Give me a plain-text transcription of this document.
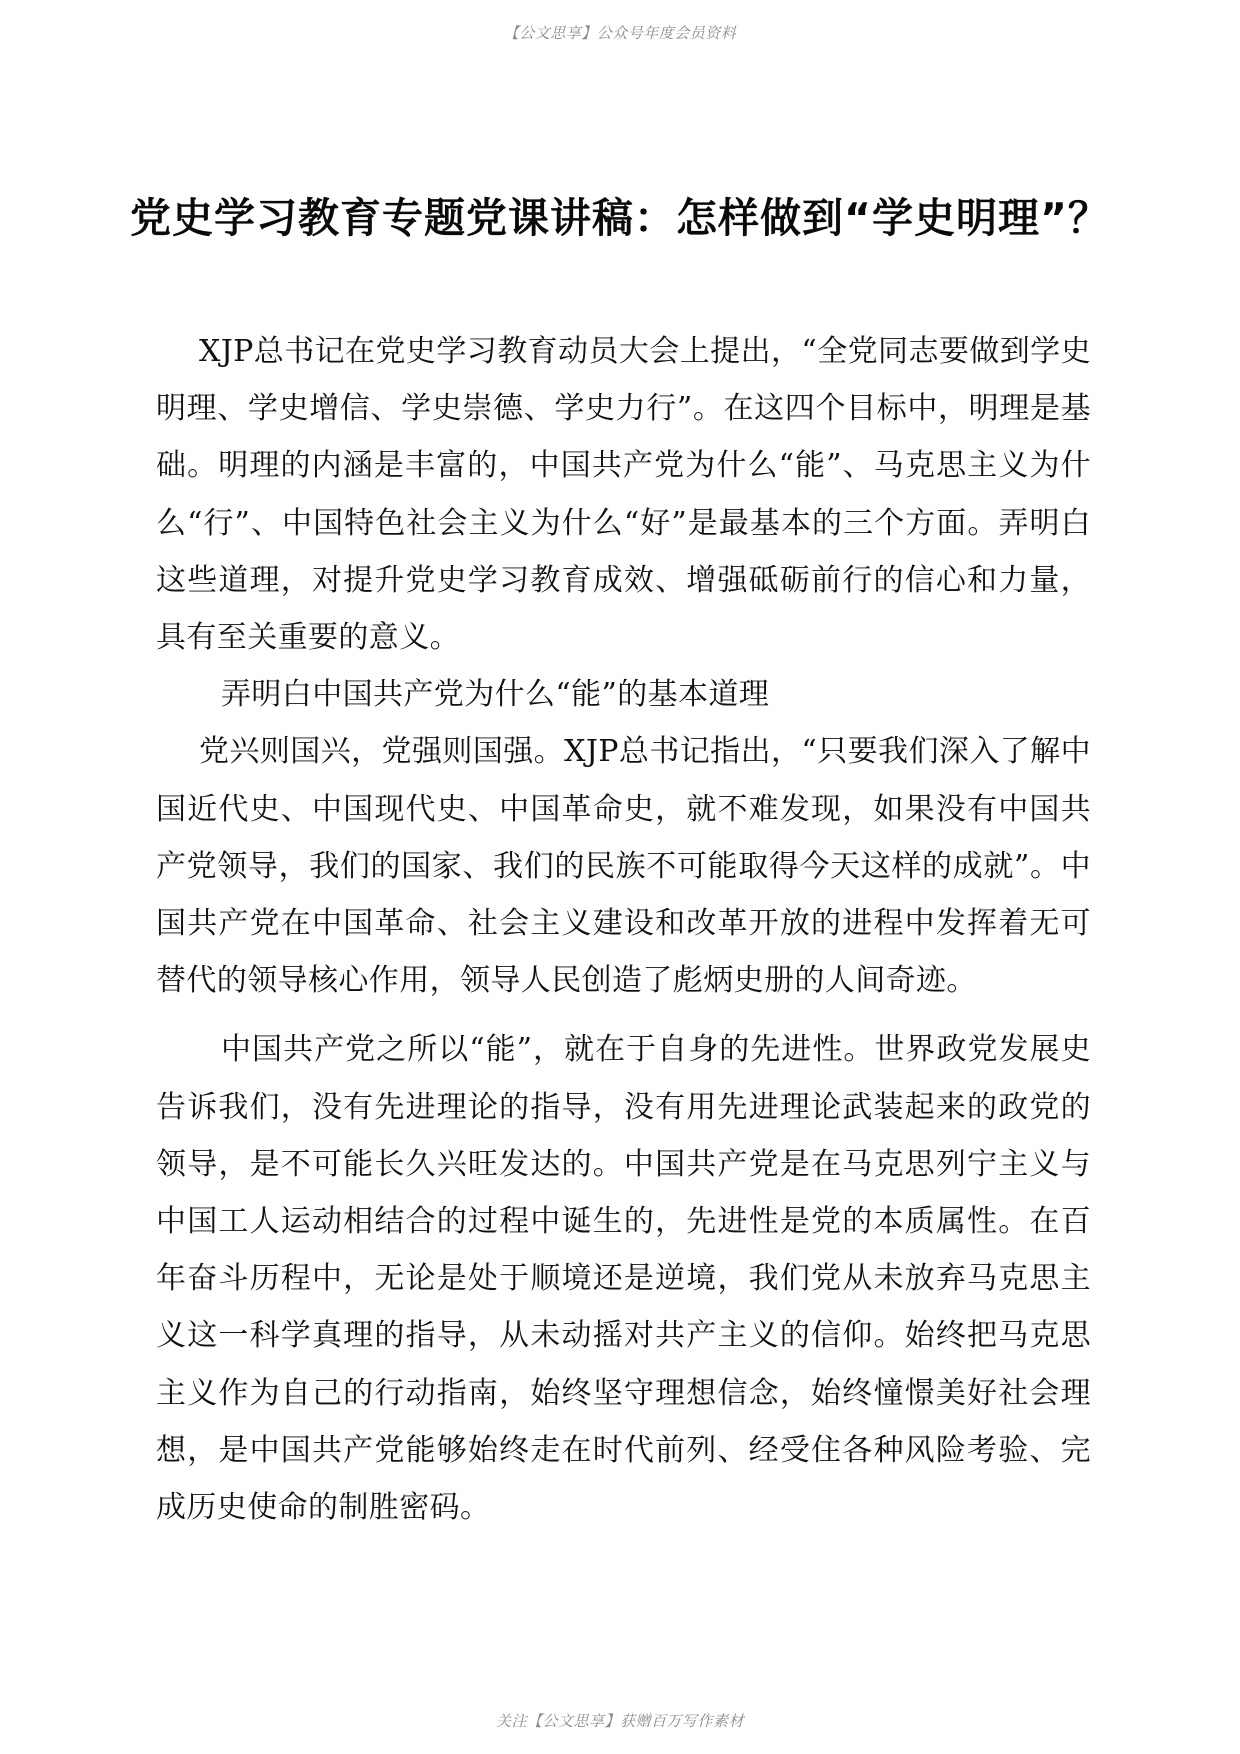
【公文思享】公众号年度会员资料
党史学习教育专题党课讲稿：怎样做到“学史明理”？

XJP总书记在党史学习教育动员大会上提出，“全党同志要做到学史明理、学史增信、学史崇德、学史力行”。在这四个目标中，明理是基础。明理的内涵是丰富的，中国共产党为什么“能”、马克思主义为什么“行”、中国特色社会主义为什么“好”是最基本的三个方面。弄明白这些道理，对提升党史学习教育成效、增强砥砺前行的信心和力量，具有至关重要的意义。

弄明白中国共产党为什么“能”的基本道理

党兴则国兴，党强则国强。XJP总书记指出，“只要我们深入了解中国近代史、中国现代史、中国革命史，就不难发现，如果没有中国共产党领导，我们的国家、我们的民族不可能取得今天这样的成就”。中国共产党在中国革命、社会主义建设和改革开放的进程中发挥着无可替代的领导核心作用，领导人民创造了彪炳史册的人间奇迹。

中国共产党之所以“能”，就在于自身的先进性。世界政党发展史告诉我们，没有先进理论的指导，没有用先进理论武装起来的政党的领导，是不可能长久兴旺发达的。中国共产党是在马克思列宁主义与中国工人运动相结合的过程中诞生的，先进性是党的本质属性。在百年奋斗历程中，无论是处于顺境还是逆境，我们党从未放弃马克思主义这一科学真理的指导，从未动摇对共产主义的信仰。始终把马克思主义作为自己的行动指南，始终坚守理想信念，始终憧憬美好社会理想，是中国共产党能够始终走在时代前列、经受住各种风险考验、完成历史使命的制胜密码。

关注【公文思享】获赠百万写作素材
